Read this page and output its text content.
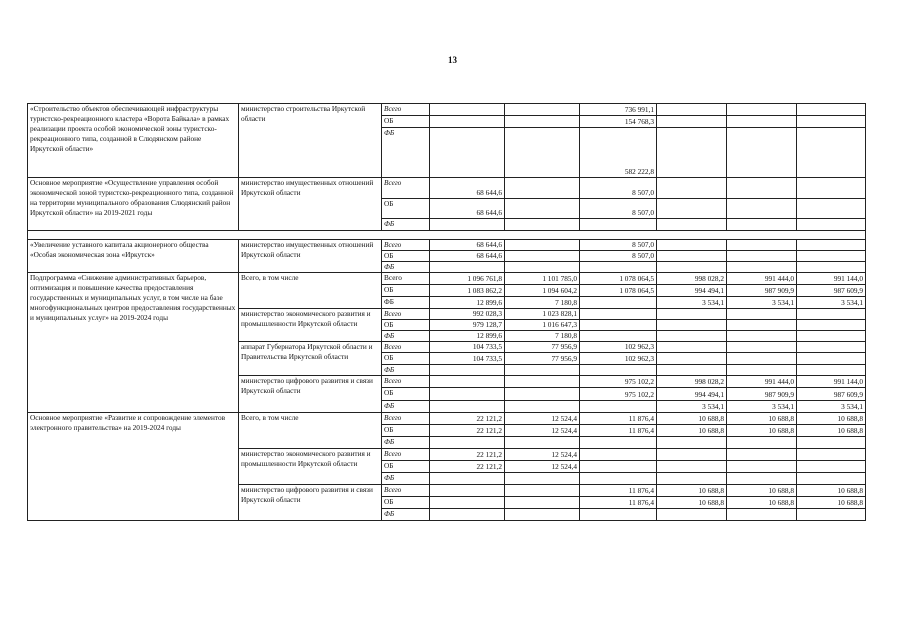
13
«Строительство объектов обеспечивающей инфраструктуры туристско-рекреационного кластера «Ворота Байкала» в рамках реализации проекта особой экономической зоны туристско-рекреационного типа, созданной в Слюдянском районе Иркутской области»	министерство строительства Иркутской области	Всего			736 991,1			
		ОБ			154 768,3			
		ФБ			582 222,8			
Основное мероприятие «Осуществление управления особой экономической зоной туристско-рекреационного типа, созданной на территории муниципального образования Слюдянский район Иркутской области» на 2019-2021 годы	министерство имущественных отношений Иркутской области	Всего	68 644,6		8 507,0			
		ОБ	68 644,6		8 507,0			
		ФБ						

«Увеличение уставного капитала акционерного общества «Особая экономическая зона «Иркутск»	министерство имущественных отношений Иркутской области	Всего	68 644,6		8 507,0			
		ОБ	68 644,6		8 507,0			
		ФБ						
Подпрограмма «Снижение административных барьеров, оптимизация и повышение качества предоставления государственных и муниципальных услуг, в том числе на базе многофункциональных центров предоставления государственных и муниципальных услуг» на 2019-2024 годы	Всего, в том числе	Всего	1 096 761,8	1 101 785,0	1 078 064,5	998 028,2	991 444,0	991 144,0
		ОБ	1 083 862,2	1 094 604,2	1 078 064,5	994 494,1	987 909,9	987 609,9
		ФБ	12 899,6	7 180,8		3 534,1	3 534,1	3 534,1
	министерство экономического развития и промышленности Иркутской области	Всего	992 028,3	1 023 828,1				
		ОБ	979 128,7	1 016 647,3				
		ФБ	12 899,6	7 180,8				
	аппарат Губернатора Иркутской области и Правительства Иркутской области	Всего	104 733,5	77 956,9	102 962,3			
		ОБ	104 733,5	77 956,9	102 962,3			
		ФБ						
	министерство цифрового развития и связи Иркутской области	Всего			975 102,2	998 028,2	991 444,0	991 144,0
		ОБ			975 102,2	994 494,1	987 909,9	987 609,9
		ФБ				3 534,1	3 534,1	3 534,1
Основное мероприятие «Развитие и сопровождение элементов электронного правительства» на 2019-2024 годы	Всего, в том числе	Всего	22 121,2	12 524,4	11 876,4	10 688,8	10 688,8	10 688,8
		ОБ	22 121,2	12 524,4	11 876,4	10 688,8	10 688,8	10 688,8
		ФБ						
	министерство экономического развития и промышленности Иркутской области	Всего	22 121,2	12 524,4				
		ОБ	22 121,2	12 524,4				
		ФБ						
	министерство цифрового развития и связи Иркутской области	Всего			11 876,4	10 688,8	10 688,8	10 688,8
		ОБ			11 876,4	10 688,8	10 688,8	10 688,8
		ФБ						
